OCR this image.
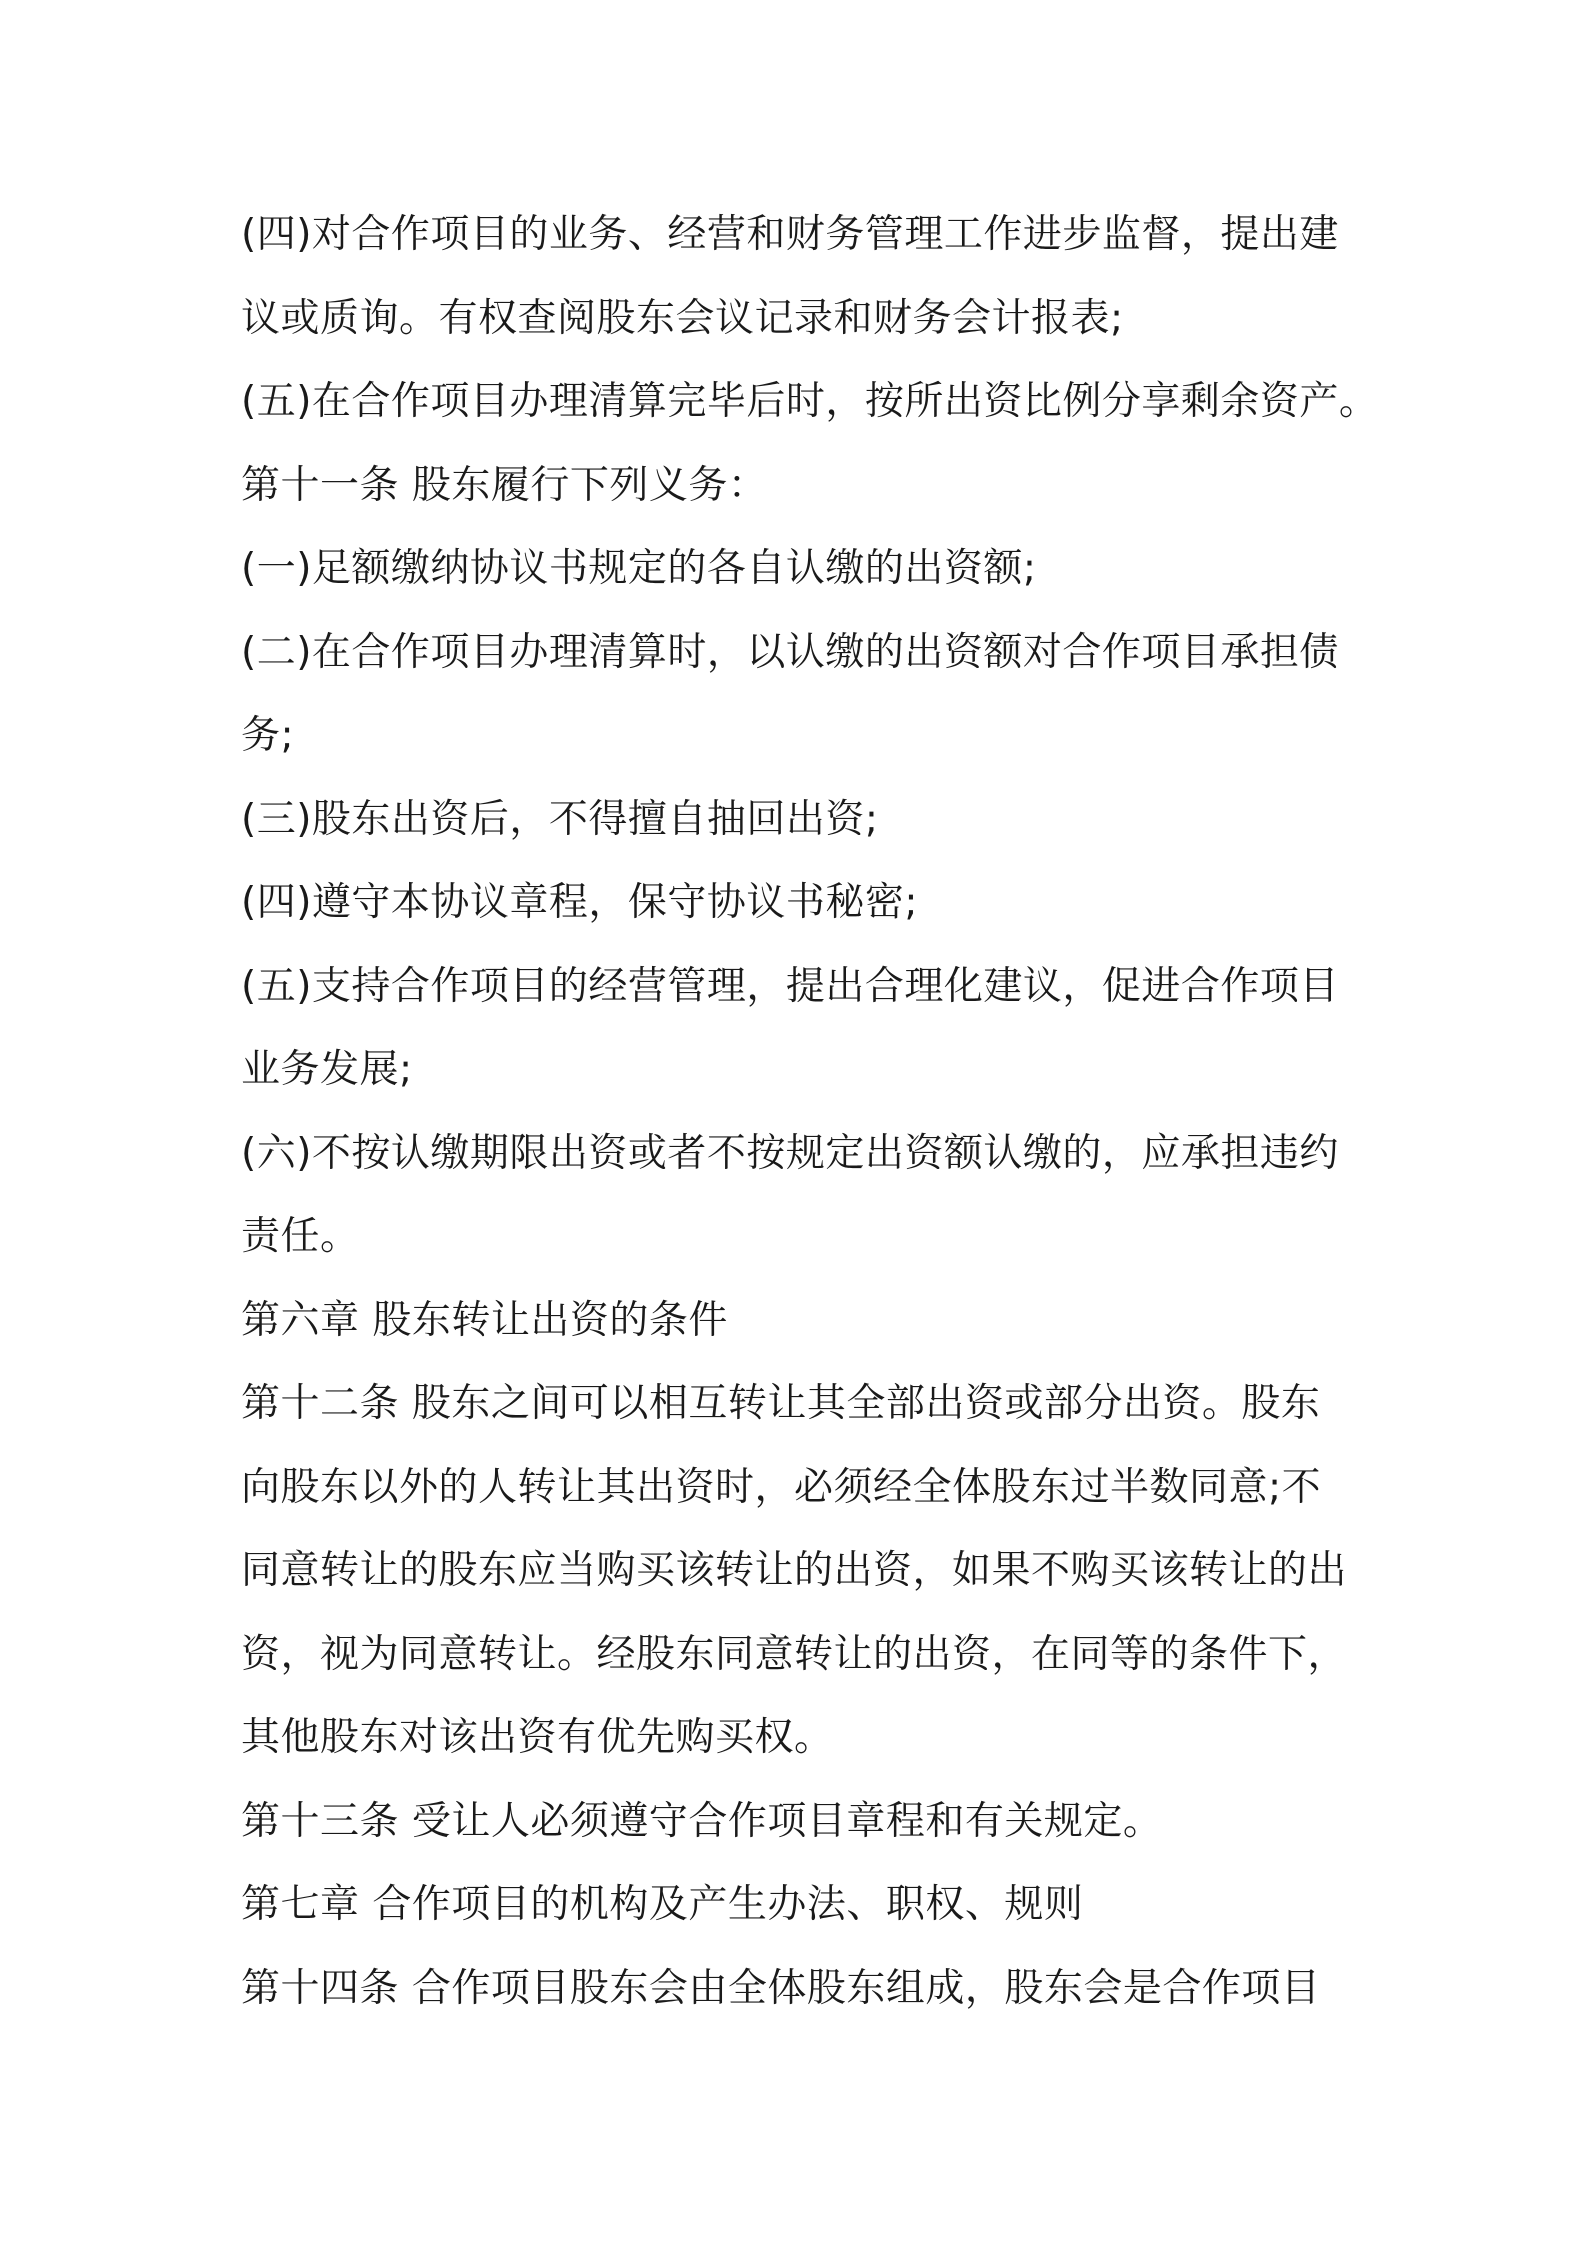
(四)对合作项目的业务、经营和财务管理工作进步监督，提出建
议或质询。有权查阅股东会议记录和财务会计报表;
(五)在合作项目办理清算完毕后时，按所出资比例分享剩余资产。
第十一条 股东履行下列义务：
(一)足额缴纳协议书规定的各自认缴的出资额;
(二)在合作项目办理清算时，以认缴的出资额对合作项目承担债
务;
(三)股东出资后，不得擅自抽回出资;
(四)遵守本协议章程，保守协议书秘密;
(五)支持合作项目的经营管理，提出合理化建议，促进合作项目
业务发展;
(六)不按认缴期限出资或者不按规定出资额认缴的，应承担违约
责任。
第六章 股东转让出资的条件
第十二条 股东之间可以相互转让其全部出资或部分出资。股东
向股东以外的人转让其出资时，必须经全体股东过半数同意;不
同意转让的股东应当购买该转让的出资，如果不购买该转让的出
资，视为同意转让。经股东同意转让的出资，在同等的条件下，
其他股东对该出资有优先购买权。
第十三条 受让人必须遵守合作项目章程和有关规定。
第七章 合作项目的机构及产生办法、职权、规则
第十四条 合作项目股东会由全体股东组成，股东会是合作项目
